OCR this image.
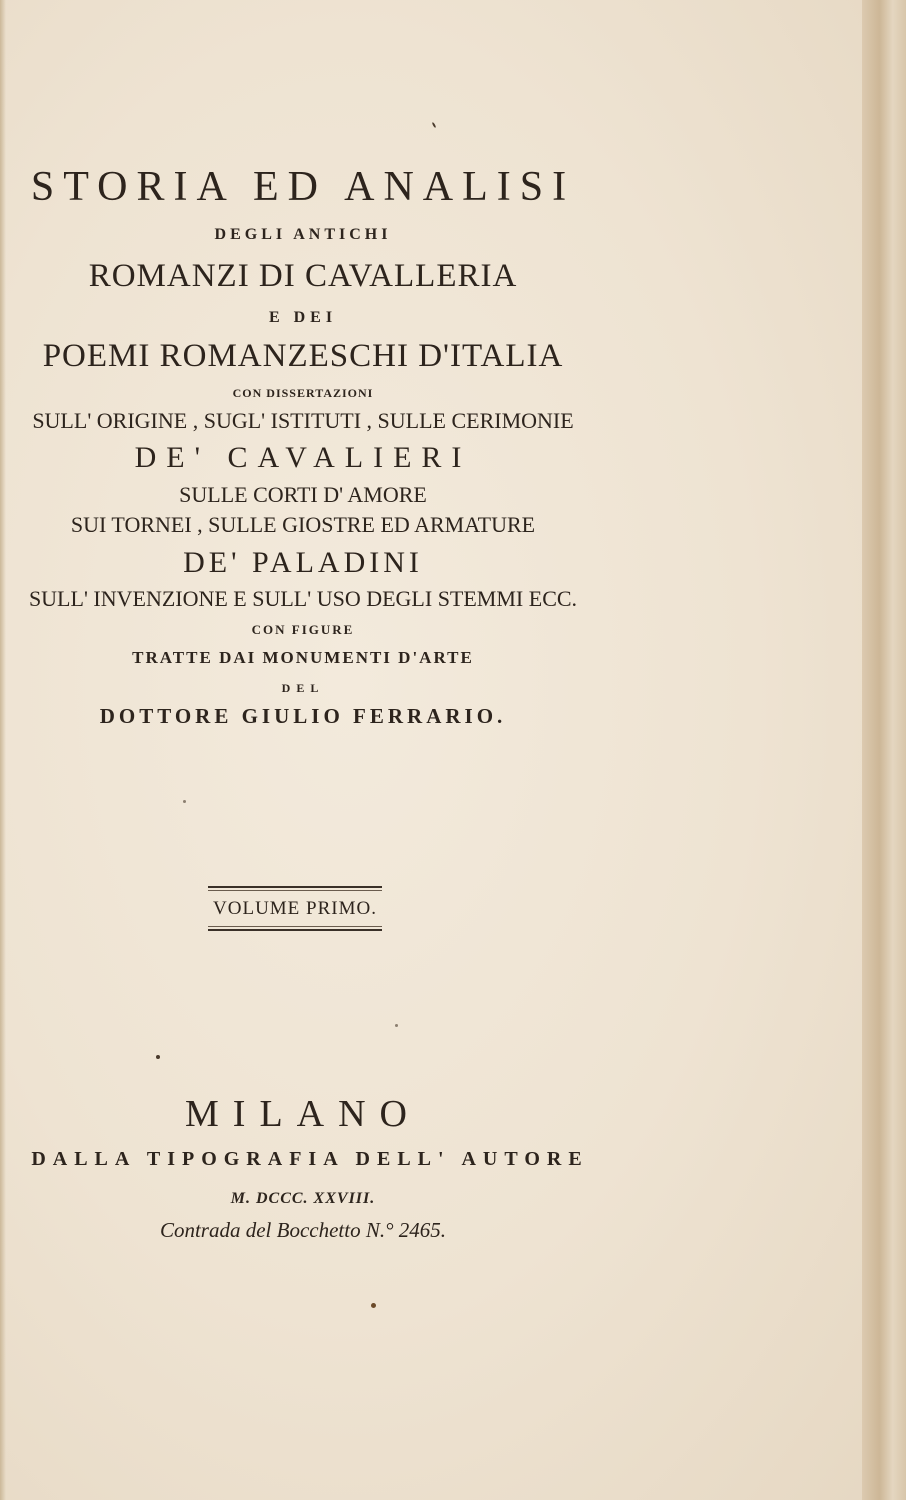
STORIA ED ANALISI

DEGLI ANTICHI

ROMANZI DI CAVALLERIA

E DEI

POEMI ROMANZESCHI D'ITALIA

CON DISSERTAZIONI

SULL' ORIGINE , SUGL' ISTITUTI , SULLE CERIMONIE

DE' CAVALIERI

SULLE CORTI D' AMORE

SUI TORNEI , SULLE GIOSTRE ED ARMATURE

DE' PALADINI

SULL' INVENZIONE E SULL' USO DEGLI STEMMI ECC.

CON FIGURE

TRATTE DAI MONUMENTI D'ARTE

DEL

DOTTORE GIULIO FERRARIO.

VOLUME PRIMO.

MILANO

DALLA TIPOGRAFIA DELL' AUTORE

M. DCCC. XXVIII.

Contrada del Bocchetto N.° 2465.
